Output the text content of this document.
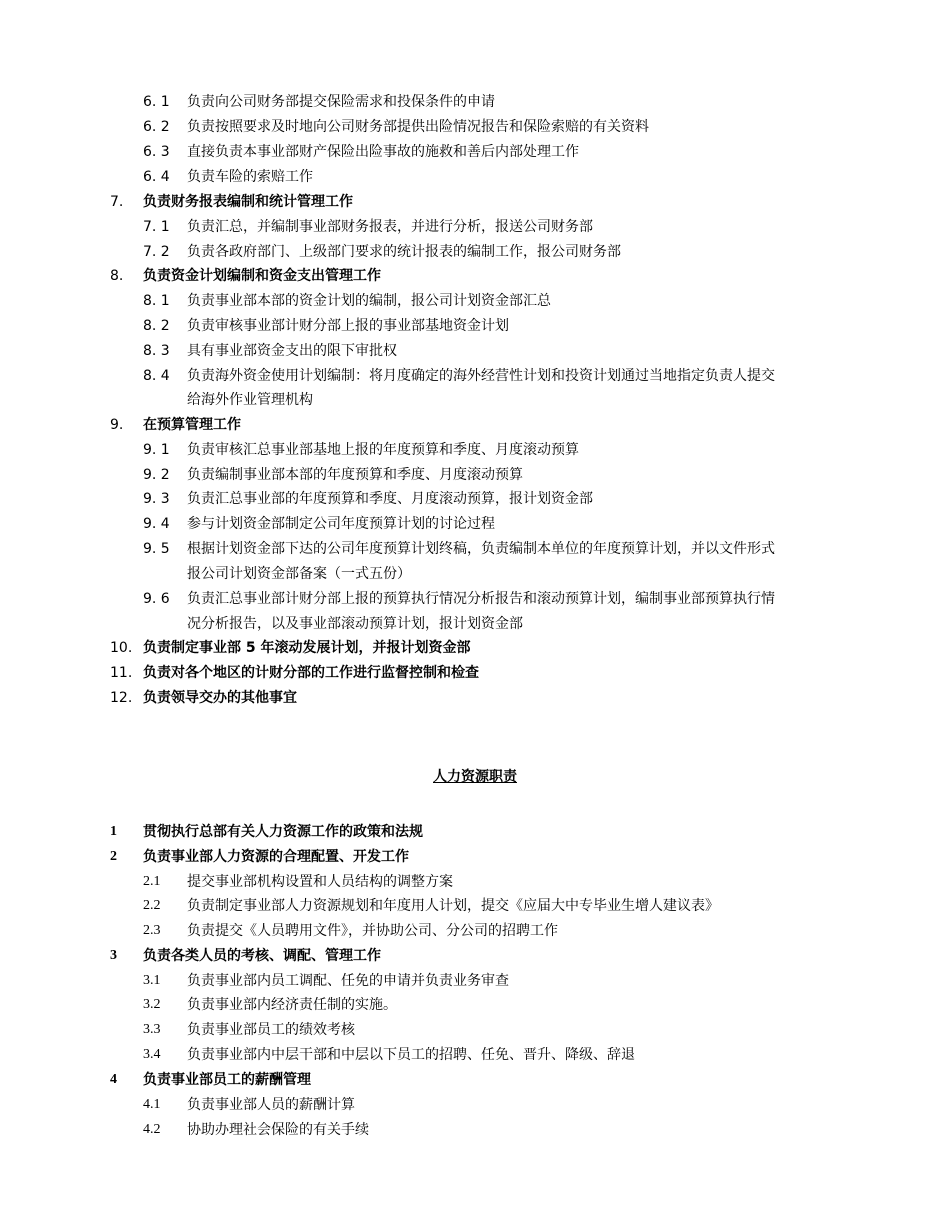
6. 1 负责向公司财务部提交保险需求和投保条件的申请
6. 2 负责按照要求及时地向公司财务部提供出险情况报告和保险索赔的有关资料
6. 3 直接负责本事业部财产保险出险事故的施救和善后内部处理工作
6. 4 负责车险的索赔工作
7. 负责财务报表编制和统计管理工作
7. 1 负责汇总，并编制事业部财务报表，并进行分析，报送公司财务部
7. 2 负责各政府部门、上级部门要求的统计报表的编制工作，报公司财务部
8. 负责资金计划编制和资金支出管理工作
8. 1 负责事业部本部的资金计划的编制，报公司计划资金部汇总
8. 2 负责审核事业部计财分部上报的事业部基地资金计划
8. 3 具有事业部资金支出的限下审批权
8. 4 负责海外资金使用计划编制：将月度确定的海外经营性计划和投资计划通过当地指定负责人提交
给海外作业管理机构
9. 在预算管理工作
9. 1 负责审核汇总事业部基地上报的年度预算和季度、月度滚动预算
9. 2 负责编制事业部本部的年度预算和季度、月度滚动预算
9. 3 负责汇总事业部的年度预算和季度、月度滚动预算，报计划资金部
9. 4 参与计划资金部制定公司年度预算计划的讨论过程
9. 5 根据计划资金部下达的公司年度预算计划终稿，负责编制本单位的年度预算计划，并以文件形式
报公司计划资金部备案（一式五份）
9. 6 负责汇总事业部计财分部上报的预算执行情况分析报告和滚动预算计划，编制事业部预算执行情
况分析报告，以及事业部滚动预算计划，报计划资金部
10. 负责制定事业部 5 年滚动发展计划，并报计划资金部
11. 负责对各个地区的计财分部的工作进行监督控制和检查
12. 负责领导交办的其他事宜
人力资源职责
1 贯彻执行总部有关人力资源工作的政策和法规
2 负责事业部人力资源的合理配置、开发工作
2.1 提交事业部机构设置和人员结构的调整方案
2.2 负责制定事业部人力资源规划和年度用人计划，提交《应届大中专毕业生增人建议表》
2.3 负责提交《人员聘用文件》，并协助公司、分公司的招聘工作
3 负责各类人员的考核、调配、管理工作
3.1 负责事业部内员工调配、任免的申请并负责业务审查
3.2 负责事业部内经济责任制的实施。
3.3 负责事业部员工的绩效考核
3.4 负责事业部内中层干部和中层以下员工的招聘、任免、晋升、降级、辞退
4 负责事业部员工的薪酬管理
4.1 负责事业部人员的薪酬计算
4.2 协助办理社会保险的有关手续
